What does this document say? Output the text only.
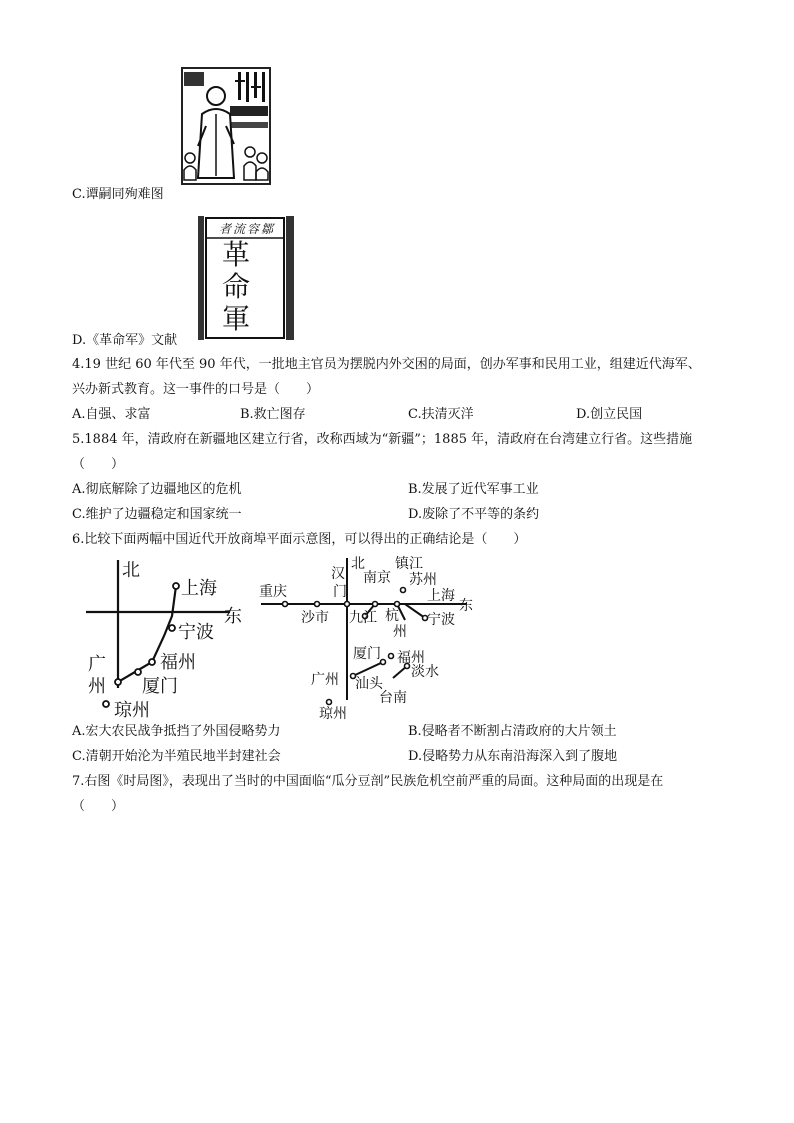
C.谭嗣同殉难图
者流容鄒
革
命
軍
D.《革命军》文献
4.19 世纪 60 年代至 90 年代，一批地主官员为摆脱内外交困的局面，创办军事和民用工业，组建近代海军、
兴办新式教育。这一事件的口号是（　　）
A.自强、求富	B.救亡图存	C.扶清灭洋	D.创立民国
5.1884 年，清政府在新疆地区建立行省，改称西域为“新疆”；1885 年，清政府在台湾建立行省。这些措施
（　　）
A.彻底解除了边疆地区的危机	B.发展了近代军事工业
C.维护了边疆稳定和国家统一	D.废除了不平等的条约
6.比较下面两幅中国近代开放商埠平面示意图，可以得出的正确结论是（　　）
北
东
上海
宁波
福州
厦门
广
州
琼州
北
东
重庆
沙市
汉
门
南京
镇江
苏州
上海
九江 杭
州
宁波
厦门 福州
广州 汕头
淡水
台南
琼州
A.宏大农民战争抵挡了外国侵略势力	B.侵略者不断割占清政府的大片领土
C.清朝开始沦为半殖民地半封建社会	D.侵略势力从东南沿海深入到了腹地
7.右图《时局图》，表现出了当时的中国面临“瓜分豆剖”民族危机空前严重的局面。这种局面的出现是在
（　　）
